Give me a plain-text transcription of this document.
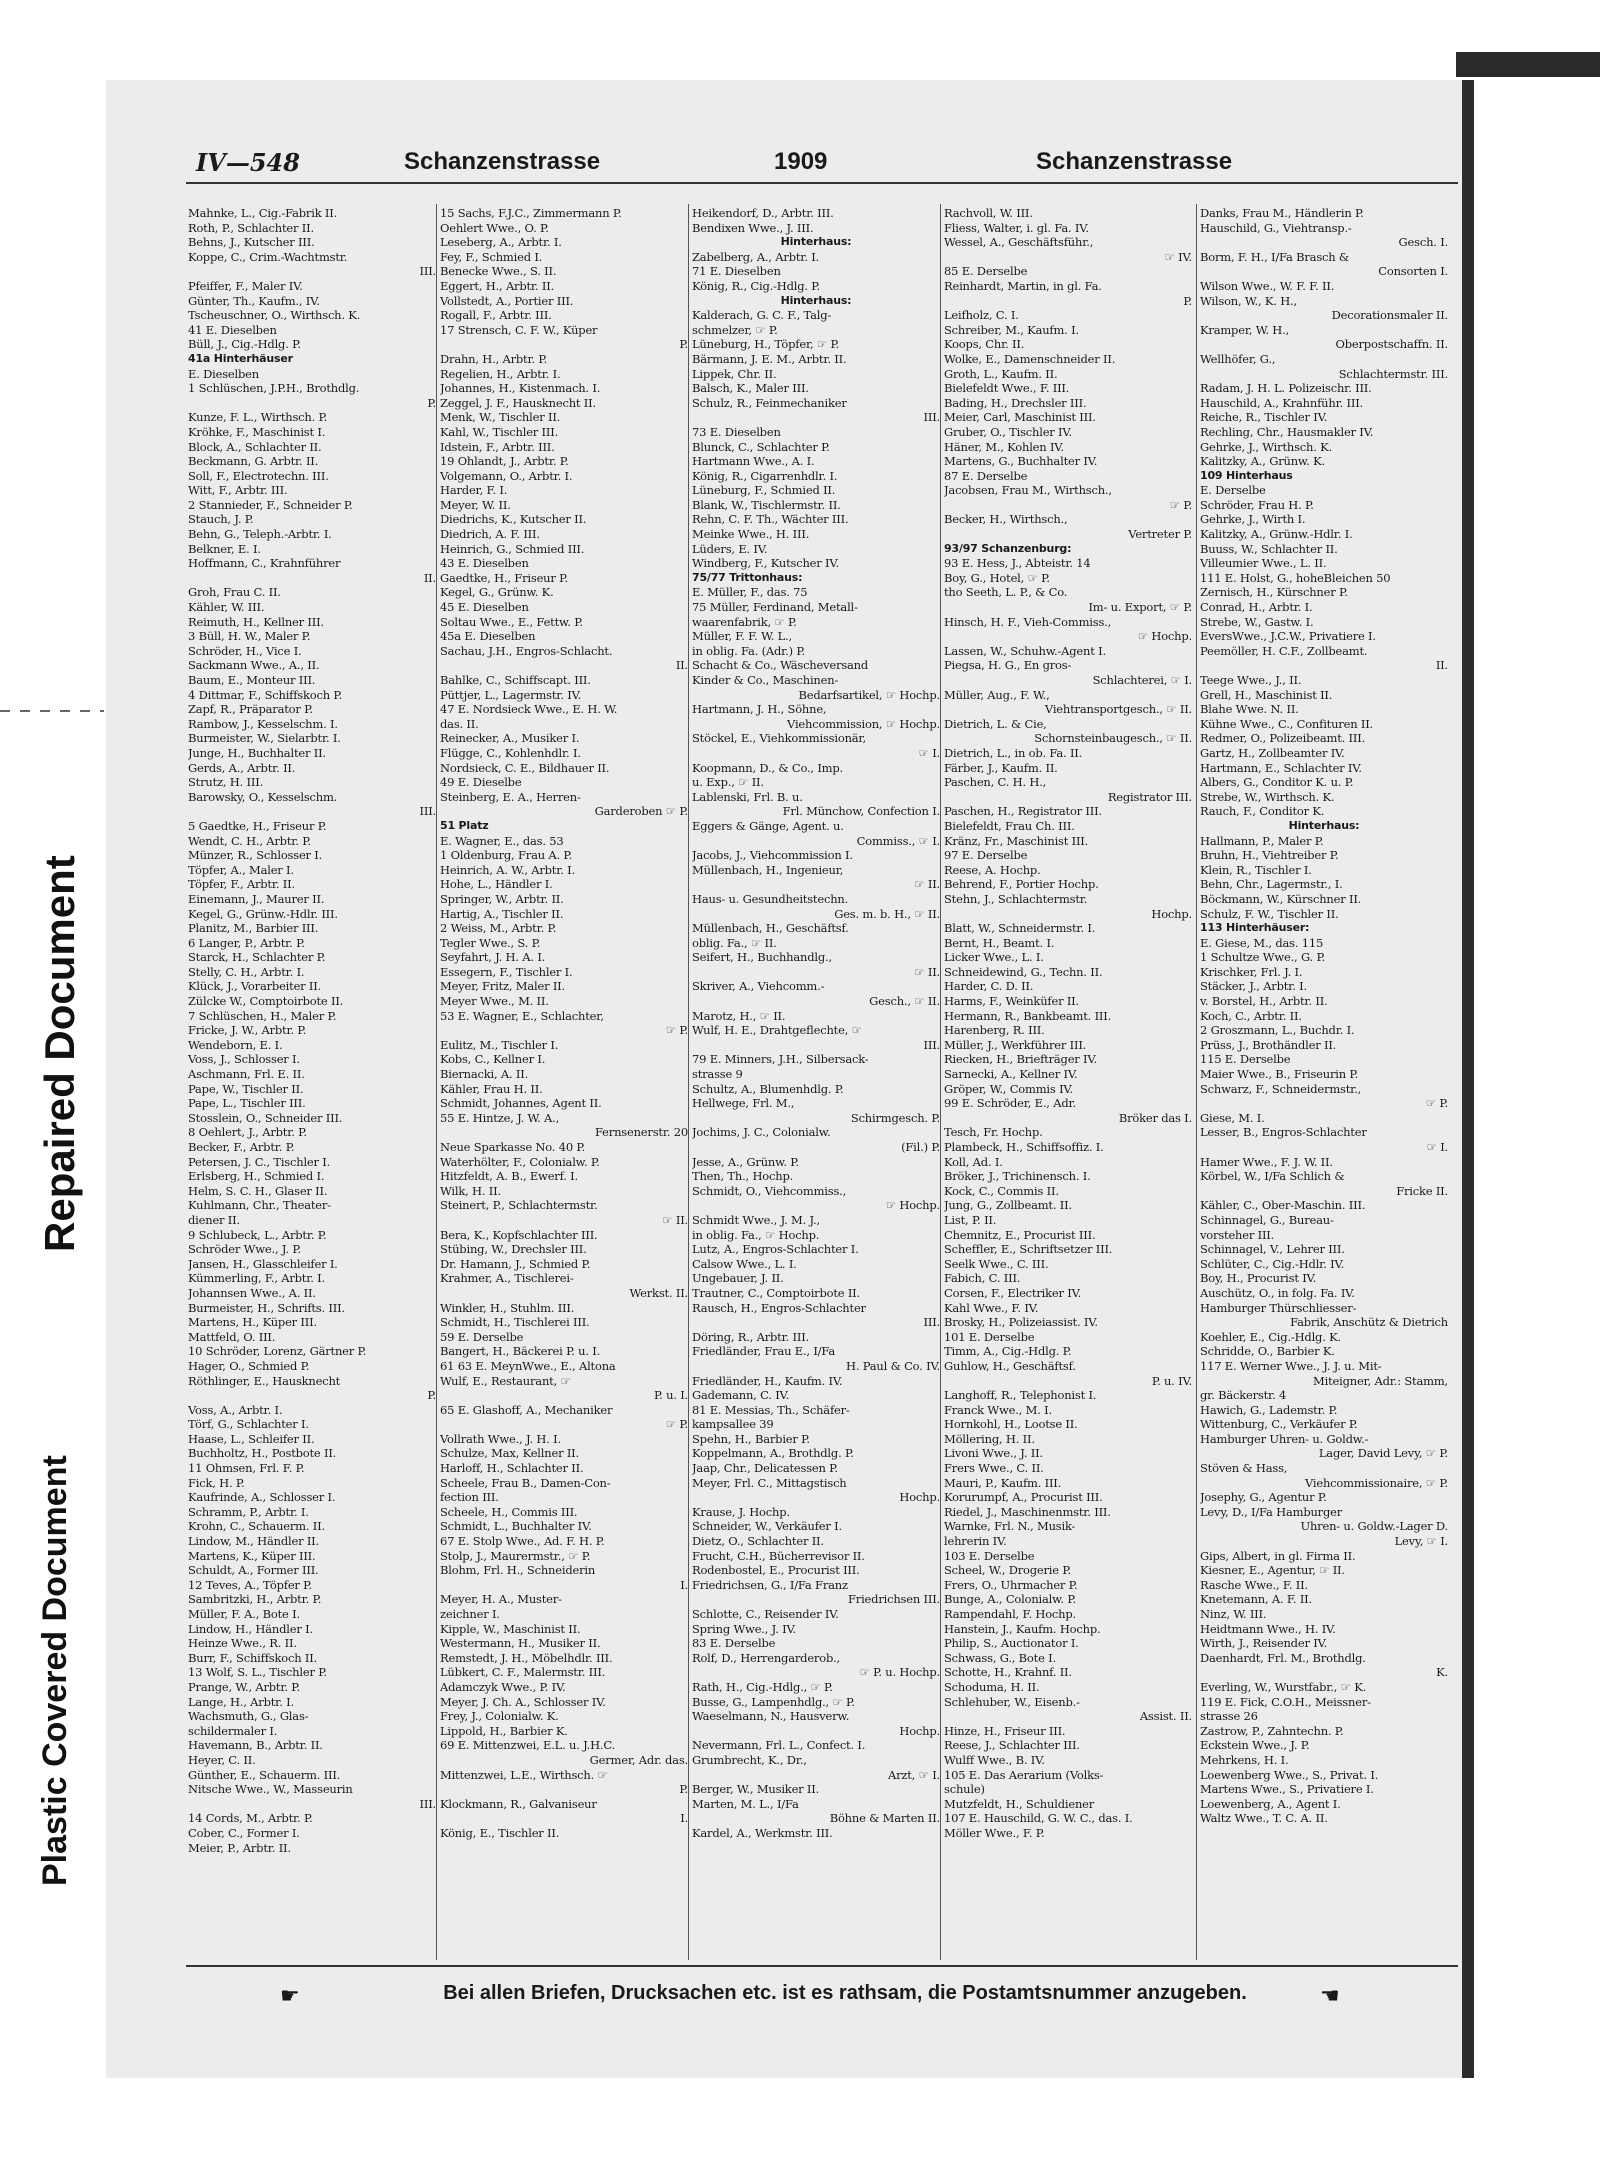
Repaired Document
Plastic Covered Document
IV—548	Schanzenstrasse	1909	Schanzenstrasse
Mahnke, L., Cig.-Fabrik II.
Roth, P., Schlachter II.
Behns, J., Kutscher III.
Koppe, C., Crim.-Wachtmstr.
III.
Pfeiffer, F., Maler IV.
Günter, Th., Kaufm., IV.
Tscheuschner, O., Wirthsch. K.
41 E. Dieselben
Büll, J., Cig.-Hdlg. P.
41a Hinterhäuser
E. Dieselben
1 Schlüschen, J.P.H., Brothdlg.
P.
Kunze, F. L., Wirthsch. P.
Kröhke, F., Maschinist I.
Block, A., Schlachter II.
Beckmann, G. Arbtr. II.
Soll, F., Electrotechn. III.
Witt, F., Arbtr. III.
2 Stannieder, F., Schneider P.
Stauch, J. P.
Behn, G., Teleph.-Arbtr. I.
Belkner, E. I.
Hoffmann, C., Krahnführer
II.
Groh, Frau C. II.
Kähler, W. III.
Reimuth, H., Kellner III.
3 Büll, H. W., Maler P.
Schröder, H., Vice I.
Sackmann Wwe., A., II.
Baum, E., Monteur III.
4 Dittmar, F., Schiffskoch P.
Zapf, R., Präparator P.
Rambow, J., Kesselschm. I.
Burmeister, W., Sielarbtr. I.
Junge, H., Buchhalter II.
Gerds, A., Arbtr. II.
Strutz, H. III.
Barowsky, O., Kesselschm.
III.
5 Gaedtke, H., Friseur P.
Wendt, C. H., Arbtr. P.
Münzer, R., Schlosser I.
Töpfer, A., Maler I.
Töpfer, F., Arbtr. II.
Einemann, J., Maurer II.
Kegel, G., Grünw.-Hdlr. III.
Planitz, M., Barbier III.
6 Langer, P., Arbtr. P.
Starck, H., Schlachter P.
Stelly, C. H., Arbtr. I.
Klück, J., Vorarbeiter II.
Zülcke W., Comptoirbote II.
7 Schlüschen, H., Maler P.
Fricke, J. W., Arbtr. P.
Wendeborn, E. I.
Voss, J., Schlosser I.
Aschmann, Frl. E. II.
Pape, W., Tischler II.
Pape, L., Tischler III.
Stosslein, O., Schneider III.
8 Oehlert, J., Arbtr. P.
Becker, F., Arbtr. P.
Petersen, J. C., Tischler I.
Erlsberg, H., Schmied I.
Helm, S. C. H., Glaser II.
Kuhlmann, Chr., Theater-
diener II.
9 Schlubeck, L., Arbtr. P.
Schröder Wwe., J. P.
Jansen, H., Glasschleifer I.
Kümmerling, F., Arbtr. I.
Johannsen Wwe., A. II.
Burmeister, H., Schrifts. III.
Martens, H., Küper III.
Mattfeld, O. III.
10 Schröder, Lorenz, Gärtner P.
Hager, O., Schmied P.
Röthlinger, E., Hausknecht
P.
Voss, A., Arbtr. I.
Törf, G., Schlachter I.
Haase, L., Schleifer II.
Buchholtz, H., Postbote II.
11 Ohmsen, Frl. F. P.
Fick, H. P.
Kaufrinde, A., Schlosser I.
Schramm, P., Arbtr. I.
Krohn, C., Schauerm. II.
Lindow, M., Händler II.
Martens, K., Küper III.
Schuldt, A., Former III.
12 Teves, A., Töpfer P.
Sambritzki, H., Arbtr. P.
Müller, F. A., Bote I.
Lindow, H., Händler I.
Heinze Wwe., R. II.
Burr, F., Schiffskoch II.
13 Wolf, S. L., Tischler P.
Prange, W., Arbtr. P.
Lange, H., Arbtr. I.
Wachsmuth, G., Glas-
schildermaler I.
Havemann, B., Arbtr. II.
Heyer, C. II.
Günther, E., Schauerm. III.
Nitsche Wwe., W., Masseurin
III.
14 Cords, M., Arbtr. P.
Cober, C., Former I.
Meier, P., Arbtr. II.
15 Sachs, F.J.C., Zimmermann P.
Oehlert Wwe., O. P.
Leseberg, A., Arbtr. I.
Fey, F., Schmied I.
Benecke Wwe., S. II.
Eggert, H., Arbtr. II.
Vollstedt, A., Portier III.
Rogall, F., Arbtr. III.
17 Strensch, C. F. W., Küper
P.
Drahn, H., Arbtr. P.
Regelien, H., Arbtr. I.
Johannes, H., Kistenmach. I.
Zeggel, J. F., Hausknecht II.
Menk, W., Tischler II.
Kahl, W., Tischler III.
Idstein, F., Arbtr. III.
19 Ohlandt, J., Arbtr. P.
Volgemann, O., Arbtr. I.
Harder, F. I.
Meyer, W. II.
Diedrichs, K., Kutscher II.
Diedrich, A. F. III.
Heinrich, G., Schmied III.
43 E. Dieselben
Gaedtke, H., Friseur P.
Kegel, G., Grünw. K.
45 E. Dieselben
Soltau Wwe., E., Fettw. P.
45a E. Dieselben
Sachau, J.H., Engros-Schlacht.
II.
Bahlke, C., Schiffscapt. III.
Püttjer, L., Lagermstr. IV.
47 E. Nordsieck Wwe., E. H. W.
das. II.
Reinecker, A., Musiker I.
Flügge, C., Kohlenhdlr. I.
Nordsieck, C. E., Bildhauer II.
49 E. Dieselbe
Steinberg, E. A., Herren-
Garderoben ☞ P.
51 Platz
E. Wagner, E., das. 53
1 Oldenburg, Frau A. P.
Heinrich, A. W., Arbtr. I.
Hohe, L., Händler I.
Springer, W., Arbtr. II.
Hartig, A., Tischler II.
2 Weiss, M., Arbtr. P.
Tegler Wwe., S. P.
Seyfahrt, J. H. A. I.
Essegern, F., Tischler I.
Meyer, Fritz, Maler II.
Meyer Wwe., M. II.
53 E. Wagner, E., Schlachter,
☞ P.
Eulitz, M., Tischler I.
Kobs, C., Kellner I.
Biernacki, A. II.
Kähler, Frau H. II.
Schmidt, Johannes, Agent II.
55 E. Hintze, J. W. A.,
Fernsenerstr. 20
Neue Sparkasse No. 40 P.
Waterhölter, F., Colonialw. P.
Hitzfeldt, A. B., Ewerf. I.
Wilk, H. II.
Steinert, P., Schlachtermstr.
☞ II.
Bera, K., Kopfschlachter III.
Stübing, W., Drechsler III.
Dr. Hamann, J., Schmied P.
Krahmer, A., Tischlerei-
Werkst. II.
Winkler, H., Stuhlm. III.
Schmidt, H., Tischlerei III.
59 E. Derselbe
Bangert, H., Bäckerei P. u. I.
61 63 E. MeynWwe., E., Altona
Wulf, E., Restaurant, ☞
P. u. I.
65 E. Glashoff, A., Mechaniker
☞ P.
Vollrath Wwe., J. H. I.
Schulze, Max, Kellner II.
Harloff, H., Schlachter II.
Scheele, Frau B., Damen-Con-
fection III.
Scheele, H., Commis III.
Schmidt, L., Buchhalter IV.
67 E. Stolp Wwe., Ad. F. H. P.
Stolp, J., Maurermstr., ☞ P.
Blohm, Frl. H., Schneiderin
I.
Meyer, H. A., Muster-
zeichner I.
Kipple, W., Maschinist II.
Westermann, H., Musiker II.
Remstedt, J. H., Möbelhdlr. III.
Lübkert, C. F., Malermstr. III.
Adamczyk Wwe., P. IV.
Meyer, J. Ch. A., Schlosser IV.
Frey, J., Colonialw. K.
Lippold, H., Barbier K.
69 E. Mittenzwei, E.L. u. J.H.C.
Germer, Adr. das.
Mittenzwei, L.E., Wirthsch. ☞
P.
Klockmann, R., Galvaniseur
I.
König, E., Tischler II.
Heikendorf, D., Arbtr. III.
Bendixen Wwe., J. III.
Hinterhaus:
Zabelberg, A., Arbtr. I.
71 E. Dieselben
König, R., Cig.-Hdlg. P.
Hinterhaus:
Kalderach, G. C. F., Talg-
schmelzer, ☞ P.
Lüneburg, H., Töpfer, ☞ P.
Bärmann, J. E. M., Arbtr. II.
Lippek, Chr. II.
Balsch, K., Maler III.
Schulz, R., Feinmechaniker
III.
73 E. Dieselben
Blunck, C., Schlachter P.
Hartmann Wwe., A. I.
König, R., Cigarrenhdlr. I.
Lüneburg, F., Schmied II.
Blank, W., Tischlermstr. II.
Rehn, C. F. Th., Wächter III.
Meinke Wwe., H. III.
Lüders, E. IV.
Windberg, F., Kutscher IV.
75/77 Trittonhaus:
E. Müller, F., das. 75
75 Müller, Ferdinand, Metall-
waarenfabrik, ☞ P.
Müller, F. F. W. L.,
in oblig. Fa. (Adr.) P.
Schacht & Co., Wäscheversand
Kinder & Co., Maschinen-
Bedarfsartikel, ☞ Hochp.
Hartmann, J. H., Söhne,
Viehcommission, ☞ Hochp.
Stöckel, E., Viehkommissionär,
☞ I.
Koopmann, D., & Co., Imp.
u. Exp., ☞ II.
Lablenski, Frl. B. u.
Frl. Münchow, Confection I.
Eggers & Gänge, Agent. u.
Commiss., ☞ I.
Jacobs, J., Viehcommission I.
Müllenbach, H., Ingenieur,
☞ II.
Haus- u. Gesundheitstechn.
Ges. m. b. H., ☞ II.
Müllenbach, H., Geschäftsf.
oblig. Fa., ☞ II.
Seifert, H., Buchhandlg.,
☞ II.
Skriver, A., Viehcomm.-
Gesch., ☞ II.
Marotz, H., ☞ II.
Wulf, H. E., Drahtgeflechte, ☞
III.
79 E. Minners, J.H., Silbersack-
strasse 9
Schultz, A., Blumenhdlg. P.
Hellwege, Frl. M.,
Schirmgesch. P.
Jochims, J. C., Colonialw.
(Fil.) P.
Jesse, A., Grünw. P.
Then, Th., Hochp.
Schmidt, O., Viehcommiss.,
☞ Hochp.
Schmidt Wwe., J. M. J.,
in oblig. Fa., ☞ Hochp.
Lutz, A., Engros-Schlachter I.
Calsow Wwe., L. I.
Ungebauer, J. II.
Trautner, C., Comptoirbote II.
Rausch, H., Engros-Schlachter
III.
Döring, R., Arbtr. III.
Friedländer, Frau E., I/Fa
H. Paul & Co. IV.
Friedländer, H., Kaufm. IV.
Gademann, C. IV.
81 E. Messias, Th., Schäfer-
kampsallee 39
Spehn, H., Barbier P.
Koppelmann, A., Brothdlg. P.
Jaap, Chr., Delicatessen P.
Meyer, Frl. C., Mittagstisch
Hochp.
Krause, J. Hochp.
Schneider, W., Verkäufer I.
Dietz, O., Schlachter II.
Frucht, C.H., Bücherrevisor II.
Rodenbostel, E., Procurist III.
Friedrichsen, G., I/Fa Franz
Friedrichsen III.
Schlotte, C., Reisender IV.
Spring Wwe., J. IV.
83 E. Derselbe
Rolf, D., Herrengarderob.,
☞ P. u. Hochp.
Rath, H., Cig.-Hdlg., ☞ P.
Busse, G., Lampenhdlg., ☞ P.
Waeselmann, N., Hausverw.
Hochp.
Nevermann, Frl. L., Confect. I.
Grumbrecht, K., Dr.,
Arzt, ☞ I.
Berger, W., Musiker II.
Marten, M. L., I/Fa
Böhne & Marten II.
Kardel, A., Werkmstr. III.
Rachvoll, W. III.
Fliess, Walter, i. gl. Fa. IV.
Wessel, A., Geschäftsführ.,
☞ IV.
85 E. Derselbe
Reinhardt, Martin, in gl. Fa.
P.
Leifholz, C. I.
Schreiber, M., Kaufm. I.
Koops, Chr. II.
Wolke, E., Damenschneider II.
Groth, L., Kaufm. II.
Bielefeldt Wwe., F. III.
Bading, H., Drechsler III.
Meier, Carl, Maschinist III.
Gruber, O., Tischler IV.
Häner, M., Kohlen IV.
Martens, G., Buchhalter IV.
87 E. Derselbe
Jacobsen, Frau M., Wirthsch.,
☞ P.
Becker, H., Wirthsch.,
Vertreter P.
93/97 Schanzenburg:
93 E. Hess, J., Abteistr. 14
Boy, G., Hotel, ☞ P.
tho Seeth, L. P., & Co.
Im- u. Export, ☞ P.
Hinsch, H. F., Vieh-Commiss.,
☞ Hochp.
Lassen, W., Schuhw.-Agent I.
Piegsa, H. G., En gros-
Schlachterei, ☞ I.
Müller, Aug., F. W.,
Viehtransportgesch., ☞ II.
Dietrich, L. & Cie,
Schornsteinbaugesch., ☞ II.
Dietrich, L., in ob. Fa. II.
Färber, J., Kaufm. II.
Paschen, C. H. H.,
Registrator III.
Paschen, H., Registrator III.
Bielefeldt, Frau Ch. III.
Kränz, Fr., Maschinist III.
97 E. Derselbe
Reese, A. Hochp.
Behrend, F., Portier Hochp.
Stehn, J., Schlachtermstr.
Hochp.
Blatt, W., Schneidermstr. I.
Bernt, H., Beamt. I.
Licker Wwe., L. I.
Schneidewind, G., Techn. II.
Harder, C. D. II.
Harms, F., Weinküfer II.
Hermann, R., Bankbeamt. III.
Harenberg, R. III.
Müller, J., Werkführer III.
Riecken, H., Briefträger IV.
Sarnecki, A., Kellner IV.
Gröper, W., Commis IV.
99 E. Schröder, E., Adr.
Bröker das I.
Tesch, Fr. Hochp.
Plambeck, H., Schiffsoffiz. I.
Koll, Ad. I.
Bröker, J., Trichinensch. I.
Kock, C., Commis II.
Jung, G., Zollbeamt. II.
List, P. II.
Chemnitz, E., Procurist III.
Scheffler, E., Schriftsetzer III.
Seelk Wwe., C. III.
Fabich, C. III.
Corsen, F., Electriker IV.
Kahl Wwe., F. IV.
Brosky, H., Polizeiassist. IV.
101 E. Derselbe
Timm, A., Cig.-Hdlg. P.
Guhlow, H., Geschäftsf.
P. u. IV.
Langhoff, R., Telephonist I.
Franck Wwe., M. I.
Hornkohl, H., Lootse II.
Möllering, H. II.
Livoni Wwe., J. II.
Frers Wwe., C. II.
Mauri, P., Kaufm. III.
Korurumpf, A., Procurist III.
Riedel, J., Maschinenmstr. III.
Warnke, Frl. N., Musik-
lehrerin IV.
103 E. Derselbe
Scheel, W., Drogerie P.
Frers, O., Uhrmacher P.
Bunge, A., Colonialw. P.
Rampendahl, F. Hochp.
Hanstein, J., Kaufm. Hochp.
Philip, S., Auctionator I.
Schwass, G., Bote I.
Schotte, H., Krahnf. II.
Schoduma, H. II.
Schlehuber, W., Eisenb.-
Assist. II.
Hinze, H., Friseur III.
Reese, J., Schlachter III.
Wulff Wwe., B. IV.
105 E. Das Aerarium (Volks-
schule)
Mutzfeldt, H., Schuldiener
107 E. Hauschild, G. W. C., das. I.
Möller Wwe., F. P.
Danks, Frau M., Händlerin P.
Hauschild, G., Viehtransp.-
Gesch. I.
Borm, F. H., I/Fa Brasch &
Consorten I.
Wilson Wwe., W. F. F. II.
Wilson, W., K. H.,
Decorationsmaler II.
Kramper, W. H.,
Oberpostschaffn. II.
Wellhöfer, G.,
Schlachtermstr. III.
Radam, J. H. L. Polizeischr. III.
Hauschild, A., Krahnführ. III.
Reiche, R., Tischler IV.
Rechling, Chr., Hausmakler IV.
Gehrke, J., Wirthsch. K.
Kalitzky, A., Grünw. K.
109 Hinterhaus
E. Derselbe
Schröder, Frau H. P.
Gehrke, J., Wirth I.
Kalitzky, A., Grünw.-Hdlr. I.
Buuss, W., Schlachter II.
Villeumier Wwe., L. II.
111 E. Holst, G., hoheBleichen 50
Zernisch, H., Kürschner P.
Conrad, H., Arbtr. I.
Strebe, W., Gastw. I.
EversWwe., J.C.W., Privatiere I.
Peemöller, H. C.F., Zollbeamt.
II.
Teege Wwe., J., II.
Grell, H., Maschinist II.
Blahe Wwe. N. II.
Kühne Wwe., C., Confituren II.
Redmer, O., Polizeibeamt. III.
Gartz, H., Zollbeamter IV.
Hartmann, E., Schlachter IV.
Albers, G., Conditor K. u. P.
Strebe, W., Wirthsch. K.
Rauch, F., Conditor K.
Hinterhaus:
Hallmann, P., Maler P.
Bruhn, H., Viehtreiber P.
Klein, R., Tischler I.
Behn, Chr., Lagermstr., I.
Böckmann, W., Kürschner II.
Schulz, F. W., Tischler II.
113 Hinterhäuser:
E. Giese, M., das. 115
1 Schultze Wwe., G. P.
Krischker, Frl. J. I.
Stäcker, J., Arbtr. I.
v. Borstel, H., Arbtr. II.
Koch, C., Arbtr. II.
2 Groszmann, L., Buchdr. I.
Prüss, J., Brothändler II.
115 E. Derselbe
Maier Wwe., B., Friseurin P.
Schwarz, F., Schneidermstr.,
☞ P.
Giese, M. I.
Lesser, B., Engros-Schlachter
☞ I.
Hamer Wwe., F. J. W. II.
Körbel, W., I/Fa Schlich &
Fricke II.
Kähler, C., Ober-Maschin. III.
Schinnagel, G., Bureau-
vorsteher III.
Schinnagel, V., Lehrer III.
Schlüter, C., Cig.-Hdlr. IV.
Boy, H., Procurist IV.
Auschütz, O., in folg. Fa. IV.
Hamburger Thürschliesser-
Fabrik, Anschütz & Dietrich
Koehler, E., Cig.-Hdlg. K.
Schridde, O., Barbier K.
117 E. Werner Wwe., J. J. u. Mit-
Miteigner, Adr.: Stamm,
gr. Bäckerstr. 4
Hawich, G., Lademstr. P.
Wittenburg, C., Verkäufer P.
Hamburger Uhren- u. Goldw.-
Lager, David Levy, ☞ P.
Stöven & Hass,
Viehcommissionaire, ☞ P.
Josephy, G., Agentur P.
Levy, D., I/Fa Hamburger
Uhren- u. Goldw.-Lager D.
Levy, ☞ I.
Gips, Albert, in gl. Firma II.
Kiesner, E., Agentur, ☞ II.
Rasche Wwe., F. II.
Knetemann, A. F. II.
Ninz, W. III.
Heidtmann Wwe., H. IV.
Wirth, J., Reisender IV.
Daenhardt, Frl. M., Brothdlg.
K.
Everling, W., Wurstfabr., ☞ K.
119 E. Fick, C.O.H., Meissner-
strasse 26
Zastrow, P., Zahntechn. P.
Eckstein Wwe., J. P.
Mehrkens, H. I.
Loewenberg Wwe., S., Privat. I.
Martens Wwe., S., Privatiere I.
Loewenberg, A., Agent I.
Waltz Wwe., T. C. A. II.
☛	Bei allen Briefen, Drucksachen etc. ist es rathsam, die Postamtsnummer anzugeben.	☚
